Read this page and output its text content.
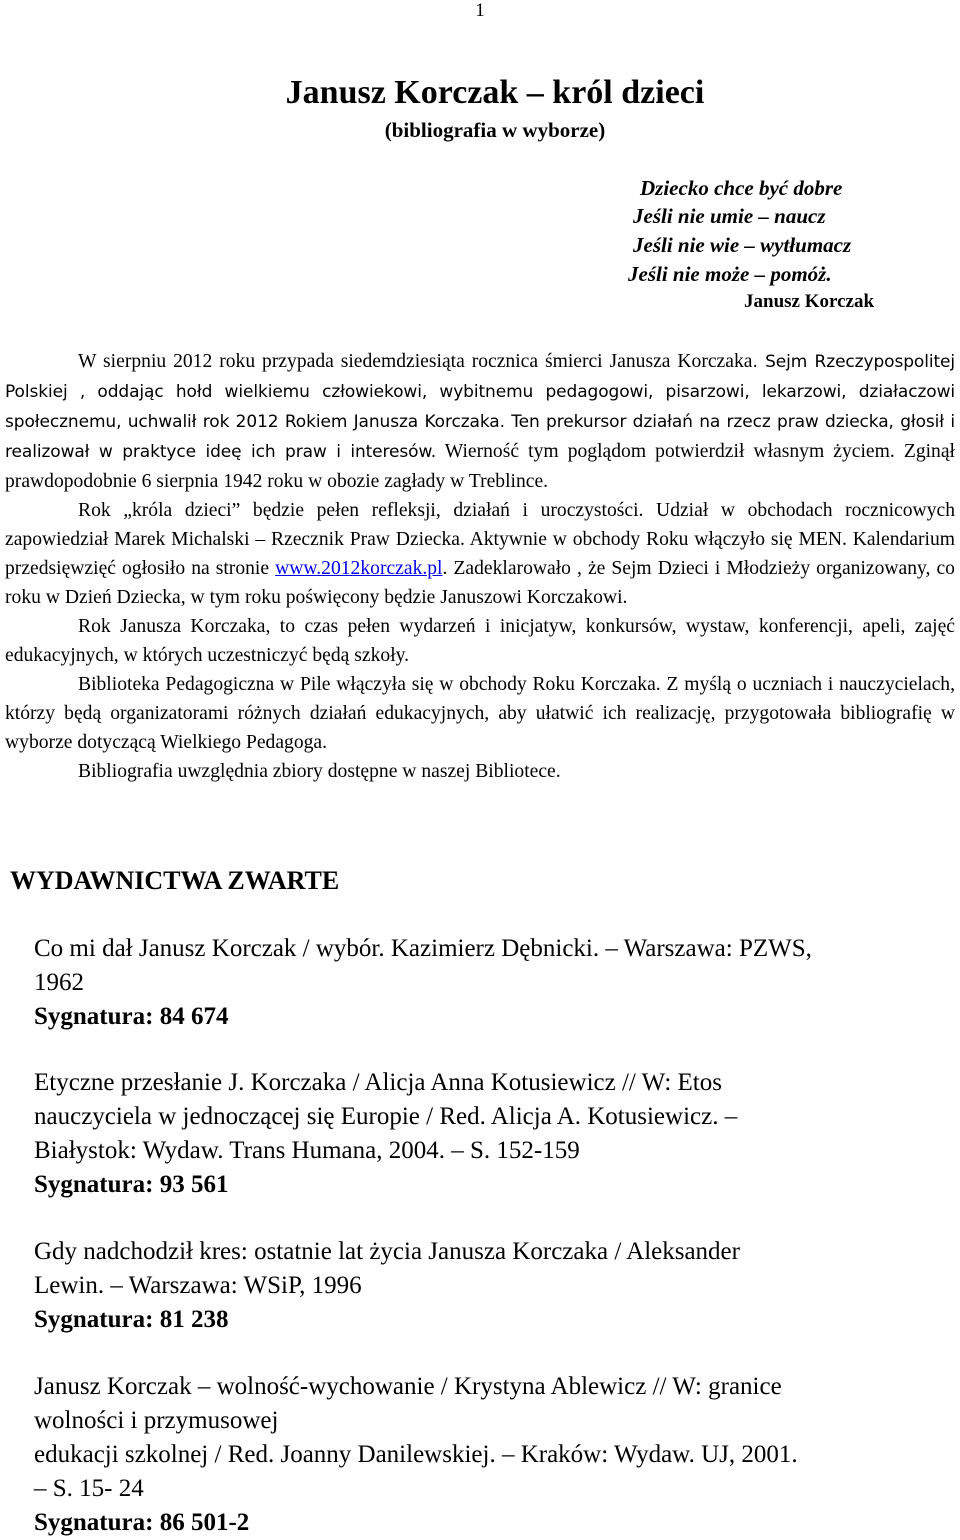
1
Janusz Korczak – król dzieci
(bibliografia w wyborze)
Dziecko chce być dobre
Jeśli nie umie – naucz
Jeśli nie wie – wytłumacz
Jeśli nie może – pomóż.
Janusz Korczak

W sierpniu 2012 roku przypada siedemdziesiąta rocznica śmierci Janusza Korczaka. Sejm Rzeczypospolitej Polskiej , oddając hołd wielkiemu człowiekowi, wybitnemu pedagogowi, pisarzowi, lekarzowi, działaczowi społecznemu, uchwalił rok 2012 Rokiem Janusza Korczaka. Ten prekursor działań na rzecz praw dziecka, głosił i realizował w praktyce ideę ich praw i interesów. Wierność tym poglądom potwierdził własnym życiem. Zginął prawdopodobnie 6 sierpnia 1942 roku w obozie zagłady w Treblince.

Rok „króla dzieci” będzie pełen refleksji, działań i uroczystości. Udział w obchodach rocznicowych zapowiedział Marek Michalski – Rzecznik Praw Dziecka. Aktywnie w obchody Roku włączyło się MEN. Kalendarium przedsięwzięć ogłosiło na stronie www.2012korczak.pl. Zadeklarowało , że Sejm Dzieci i Młodzieży organizowany, co roku w Dzień Dziecka, w tym roku poświęcony będzie Januszowi Korczakowi.

Rok Janusza Korczaka, to czas pełen wydarzeń i inicjatyw, konkursów, wystaw, konferencji, apeli, zajęć edukacyjnych, w których uczestniczyć będą szkoły.

Biblioteka Pedagogiczna w Pile włączyła się w obchody Roku Korczaka. Z myślą o uczniach i nauczycielach, którzy będą organizatorami różnych działań edukacyjnych, aby ułatwić ich realizację, przygotowała bibliografię w wyborze dotyczącą Wielkiego Pedagoga.

Bibliografia uwzględnia zbiory dostępne w naszej Bibliotece.

WYDAWNICTWA ZWARTE
Co mi dał Janusz Korczak / wybór. Kazimierz Dębnicki. – Warszawa: PZWS,
1962
Sygnatura: 84 674
Etyczne przesłanie J. Korczaka / Alicja Anna Kotusiewicz // W: Etos
nauczyciela w jednoczącej się Europie / Red. Alicja A. Kotusiewicz. –
Białystok: Wydaw. Trans Humana, 2004. – S. 152-159
Sygnatura: 93 561
Gdy nadchodził kres: ostatnie lat życia Janusza Korczaka / Aleksander
Lewin. – Warszawa: WSiP, 1996
Sygnatura: 81 238
Janusz Korczak – wolność-wychowanie / Krystyna Ablewicz // W: granice
wolności i przymusowej
edukacji szkolnej / Red. Joanny Danilewskiej. – Kraków: Wydaw. UJ, 2001.
– S. 15- 24
Sygnatura: 86 501-2
